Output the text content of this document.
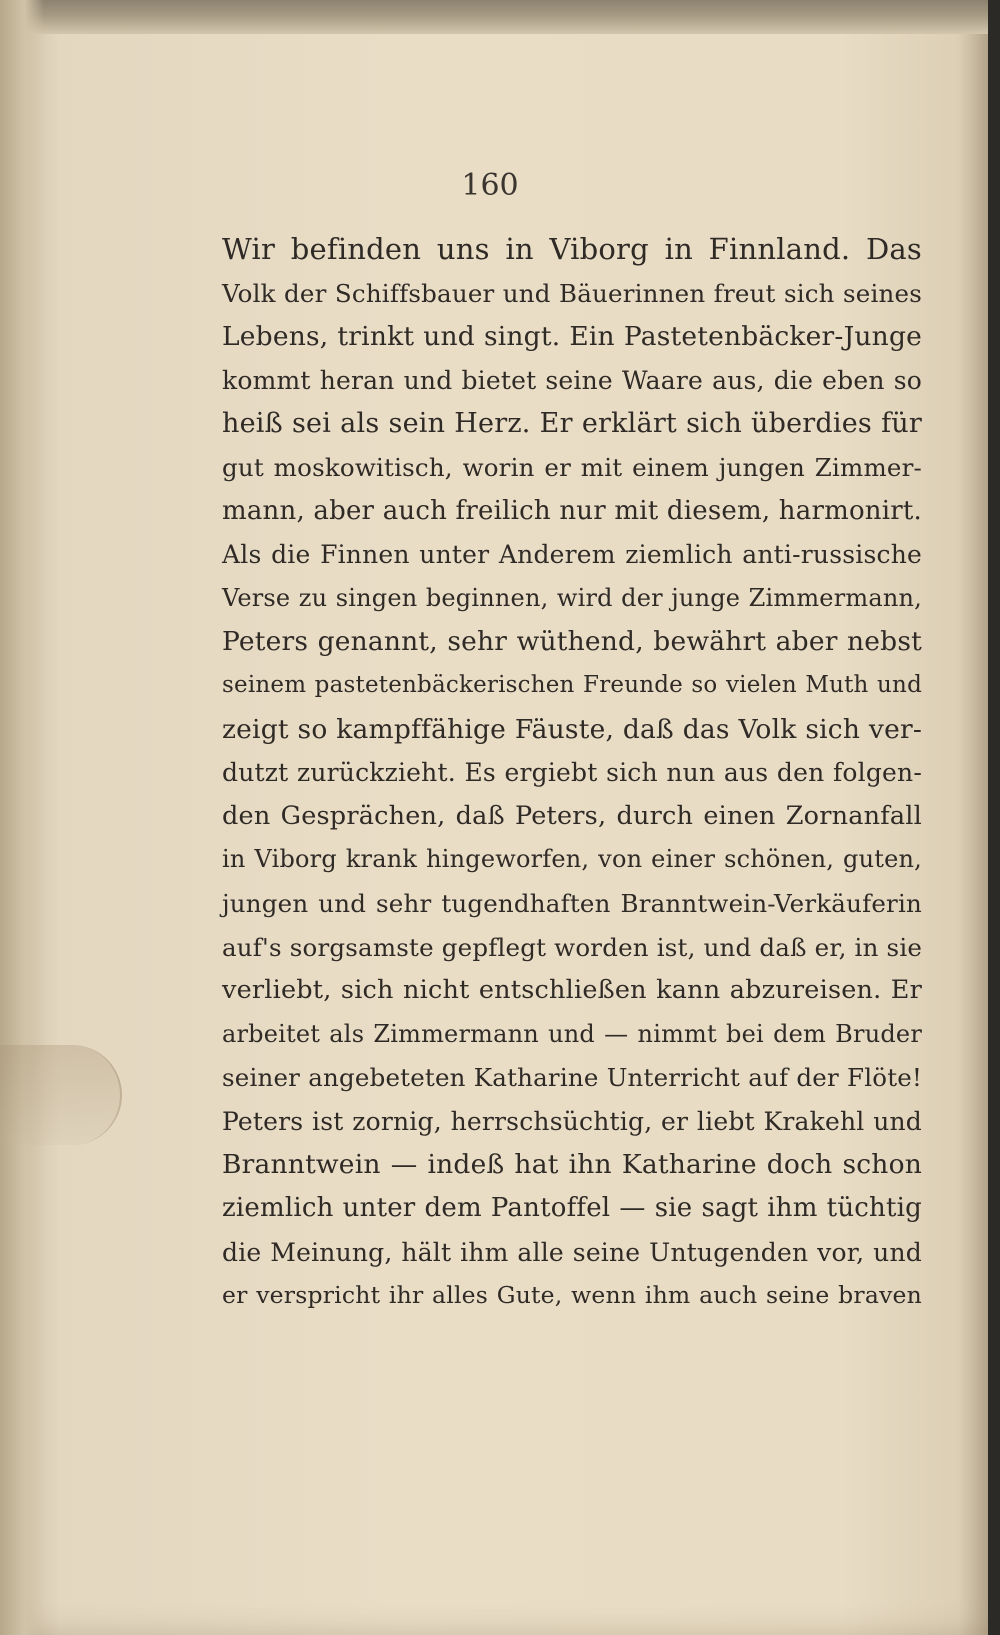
160
Wir befinden uns in Viborg in Finnland. Das
Volk der Schiffsbauer und Bäuerinnen freut sich seines
Lebens, trinkt und singt. Ein Pastetenbäcker-Junge
kommt heran und bietet seine Waare aus, die eben so
heiß sei als sein Herz. Er erklärt sich überdies für
gut moskowitisch, worin er mit einem jungen Zimmer-
mann, aber auch freilich nur mit diesem, harmonirt.
Als die Finnen unter Anderem ziemlich anti-russische
Verse zu singen beginnen, wird der junge Zimmermann,
Peters genannt, sehr wüthend, bewährt aber nebst
seinem pastetenbäckerischen Freunde so vielen Muth und
zeigt so kampffähige Fäuste, daß das Volk sich ver-
dutzt zurückzieht. Es ergiebt sich nun aus den folgen-
den Gesprächen, daß Peters, durch einen Zornanfall
in Viborg krank hingeworfen, von einer schönen, guten,
jungen und sehr tugendhaften Branntwein-Verkäuferin
auf's sorgsamste gepflegt worden ist, und daß er, in sie
verliebt, sich nicht entschließen kann abzureisen. Er
arbeitet als Zimmermann und — nimmt bei dem Bruder
seiner angebeteten Katharine Unterricht auf der Flöte!
Peters ist zornig, herrschsüchtig, er liebt Krakehl und
Branntwein — indeß hat ihn Katharine doch schon
ziemlich unter dem Pantoffel — sie sagt ihm tüchtig
die Meinung, hält ihm alle seine Untugenden vor, und
er verspricht ihr alles Gute, wenn ihm auch seine braven
